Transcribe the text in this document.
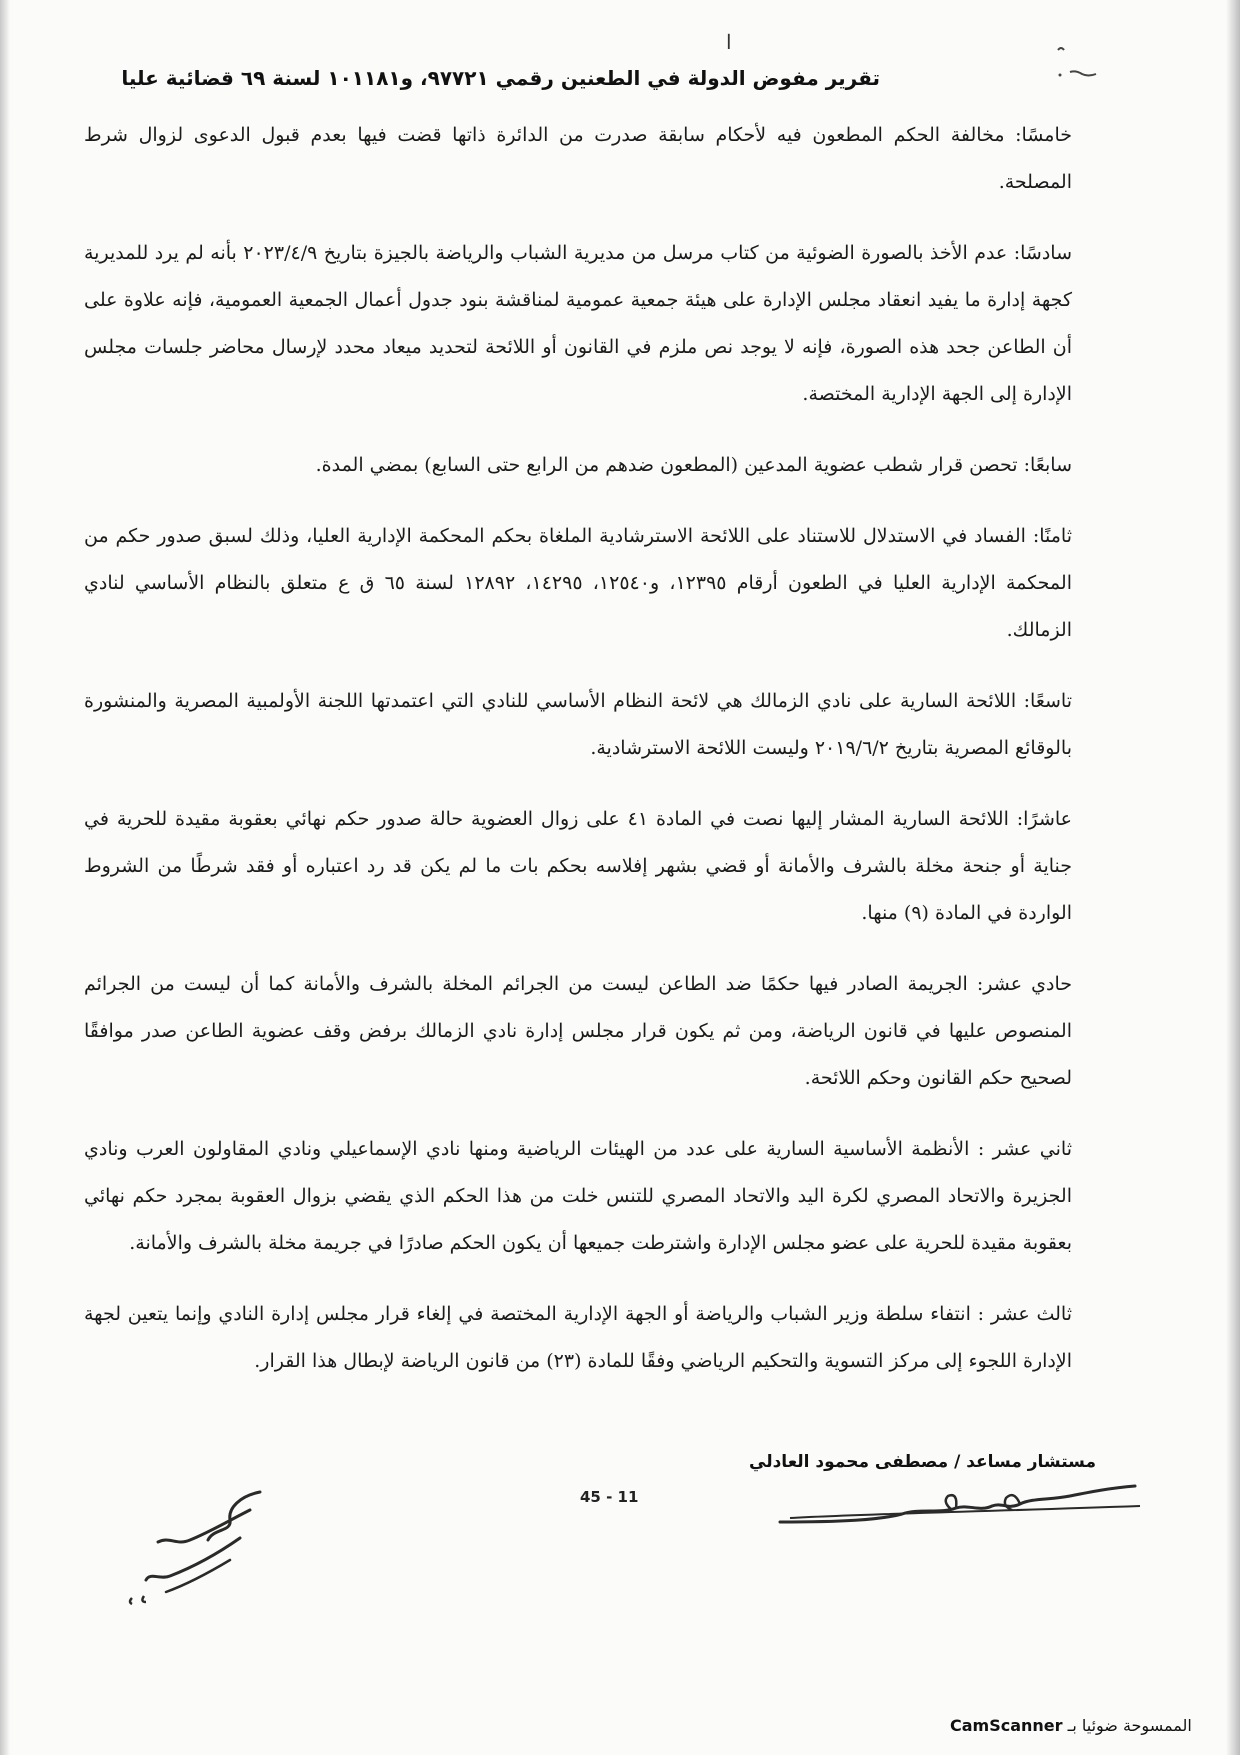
ا
تقرير مفوض الدولة في الطعنين رقمي ٩٧٧٢١، و١٠١١٨١ لسنة ٦٩ قضائية عليا

خامسًا: مخالفة الحكم المطعون فيه لأحكام سابقة صدرت من الدائرة ذاتها قضت فيها بعدم قبول الدعوى لزوال شرط المصلحة.

سادسًا: عدم الأخذ بالصورة الضوئية من كتاب مرسل من مديرية الشباب والرياضة بالجيزة بتاريخ ٢٠٢٣/٤/٩ بأنه لم يرد للمديرية كجهة إدارة ما يفيد انعقاد مجلس الإدارة على هيئة جمعية عمومية لمناقشة بنود جدول أعمال الجمعية العمومية، فإنه علاوة على أن الطاعن جحد هذه الصورة، فإنه لا يوجد نص ملزم في القانون أو اللائحة لتحديد ميعاد محدد لإرسال محاضر جلسات مجلس الإدارة إلى الجهة الإدارية المختصة.

سابعًا: تحصن قرار شطب عضوية المدعين (المطعون ضدهم من الرابع حتى السابع) بمضي المدة.

ثامنًا: الفساد في الاستدلال للاستناد على اللائحة الاسترشادية الملغاة بحكم المحكمة الإدارية العليا، وذلك لسبق صدور حكم من المحكمة الإدارية العليا في الطعون أرقام ١٢٣٩٥، و١٢٥٤٠، ١٤٢٩٥، ١٢٨٩٢ لسنة ٦٥ ق ع متعلق بالنظام الأساسي لنادي الزمالك.

تاسعًا: اللائحة السارية على نادي الزمالك هي لائحة النظام الأساسي للنادي التي اعتمدتها اللجنة الأولمبية المصرية والمنشورة بالوقائع المصرية بتاريخ ٢٠١٩/٦/٢ وليست اللائحة الاسترشادية.

عاشرًا: اللائحة السارية المشار إليها نصت في المادة ٤١ على زوال العضوية حالة صدور حكم نهائي بعقوبة مقيدة للحرية في جناية أو جنحة مخلة بالشرف والأمانة أو قضي بشهر إفلاسه بحكم بات ما لم يكن قد رد اعتباره أو فقد شرطًا من الشروط الواردة في المادة (٩) منها.

حادي عشر: الجريمة الصادر فيها حكمًا ضد الطاعن ليست من الجرائم المخلة بالشرف والأمانة كما أن ليست من الجرائم المنصوص عليها في قانون الرياضة، ومن ثم يكون قرار مجلس إدارة نادي الزمالك برفض وقف عضوية الطاعن صدر موافقًا لصحيح حكم القانون وحكم اللائحة.

ثاني عشر : الأنظمة الأساسية السارية على عدد من الهيئات الرياضية ومنها نادي الإسماعيلي ونادي المقاولون العرب ونادي الجزيرة والاتحاد المصري لكرة اليد والاتحاد المصري للتنس خلت من هذا الحكم الذي يقضي بزوال العقوبة بمجرد حكم نهائي بعقوبة مقيدة للحرية على عضو مجلس الإدارة واشترطت جميعها أن يكون الحكم صادرًا في جريمة مخلة بالشرف والأمانة.

ثالث عشر : انتفاء سلطة وزير الشباب والرياضة أو الجهة الإدارية المختصة في إلغاء قرار مجلس إدارة النادي وإنما يتعين لجهة الإدارة اللجوء إلى مركز التسوية والتحكيم الرياضي وفقًا للمادة (٢٣) من قانون الرياضة لإبطال هذا القرار.

مستشار مساعد / مصطفى محمود العادلي
45 - 11
الممسوحة ضوئيا بـ CamScanner
